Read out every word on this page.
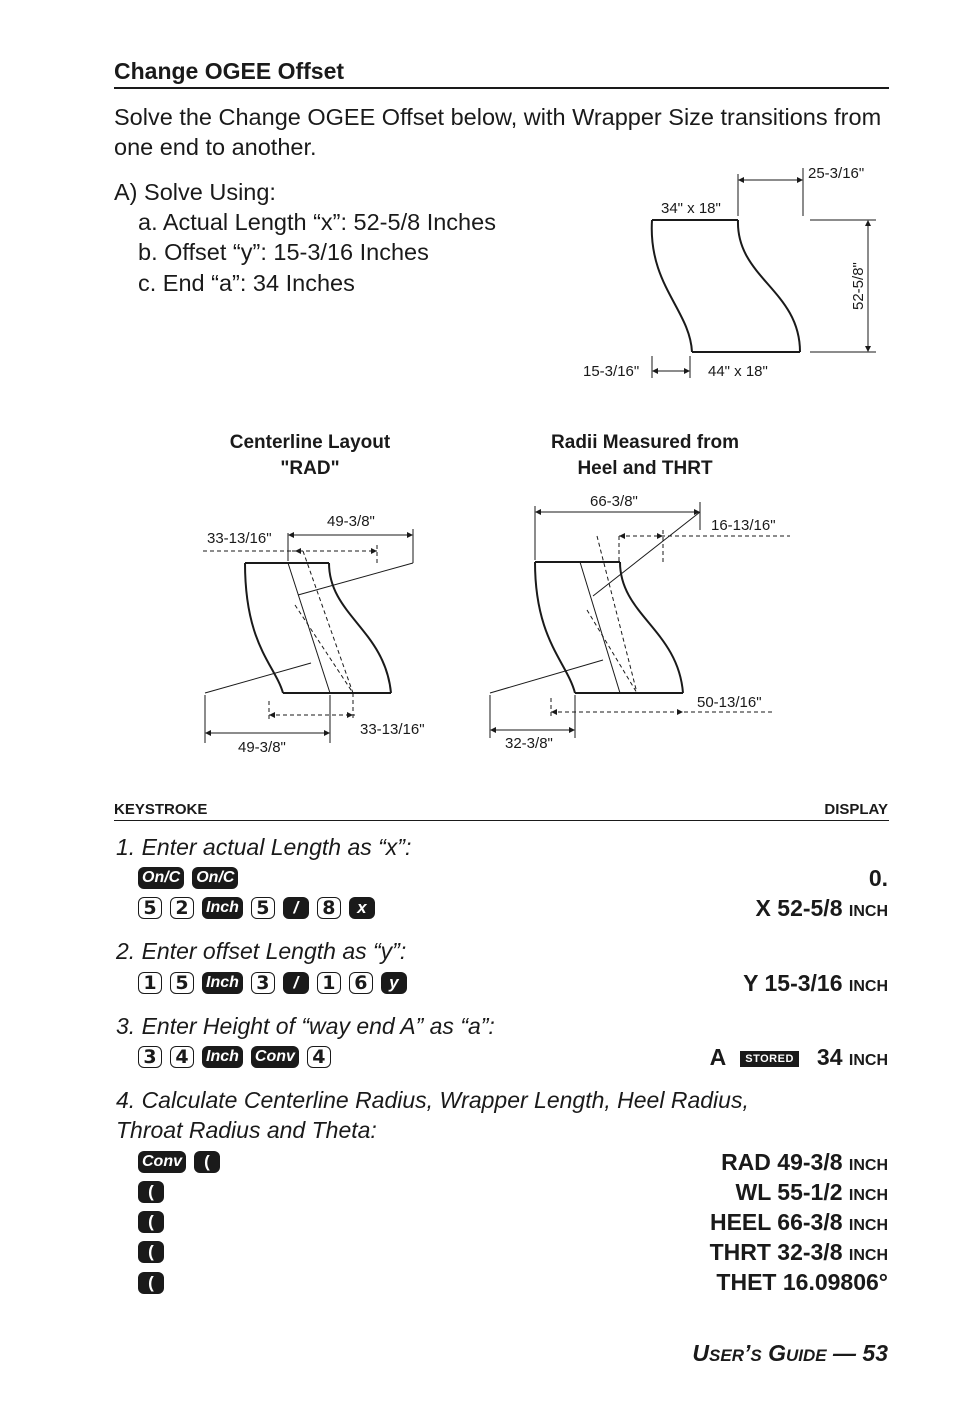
Change OGEE Offset
Solve the Change OGEE Offset below, with Wrapper Size transitions from one end to another.
A) Solve Using:
a. Actual Length “x”: 52-5/8 Inches
b. Offset “y”: 15-3/16 Inches
c. End “a”: 34 Inches
34" x 18"
25-3/16"
52-5/8"
15-3/16"	44" x 18"
Centerline Layout
"RAD"
Radii Measured from
Heel and THRT
49-3/8"
33-13/16"
33-13/16"
49-3/8"
66-3/8"
16-13/16"
50-13/16"
32-3/8"
KEYSTROKE	DISPLAY
1. Enter actual Length as “x”:
On/C On/C	0.
5 2	Inch 5	/	8	x	X 52-5/8 INCH
2. Enter offset Length as “y”:
1 5	Inch 3	/	1 6	y	Y 15-3/16 INCH
3. Enter Height of “way end A” as “a”:
3 4	Inch Conv 4	A STORED 34 INCH
4. Calculate Centerline Radius, Wrapper Length, Heel Radius,
Throat Radius and Theta:
Conv	(	RAD 49-3/8 INCH
(	WL 55-1/2 INCH
(	HEEL 66-3/8 INCH
(	THRT 32-3/8 INCH
(	THET 16.09806°
USER’S GUIDE — 53
